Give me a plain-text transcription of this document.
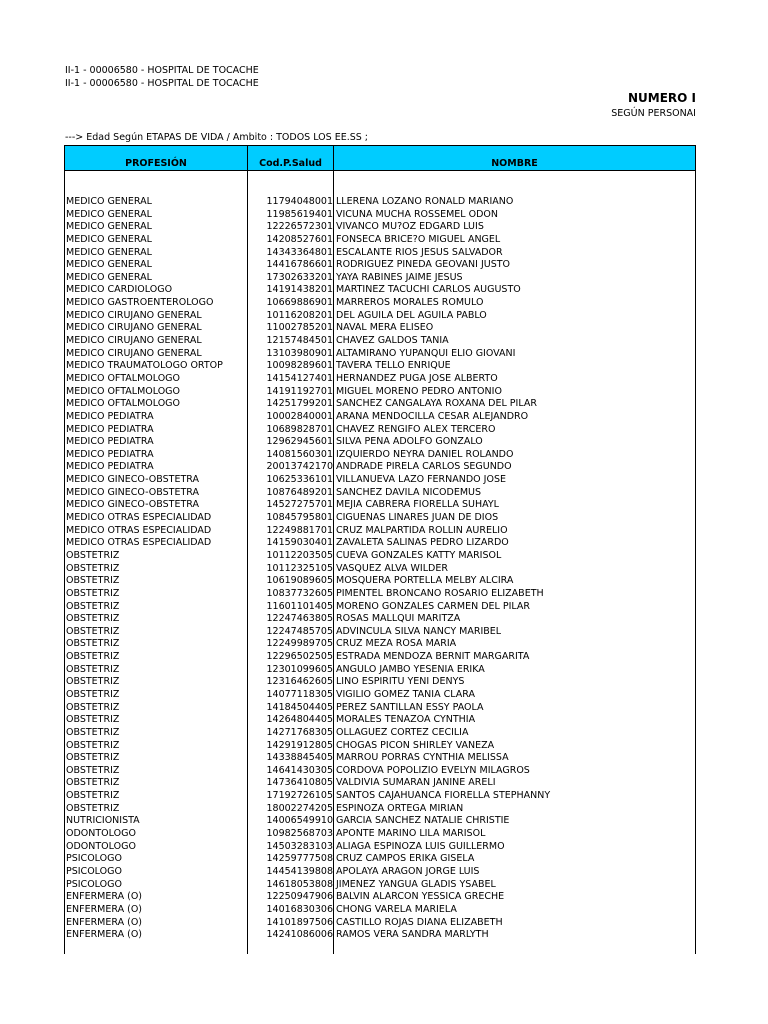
II-1 - 00006580 - HOSPITAL DE TOCACHE
II-1 - 00006580 - HOSPITAL DE TOCACHE
NUMERO I
SEGÚN PERSONAI
---> Edad Según ETAPAS DE VIDA / Ambito : TODOS LOS EE.SS ;
PROFESIÓN	Cod.P.Salud	NOMBRE
MEDICO GENERAL	11794048001 LLERENA LOZANO RONALD MARIANO
MEDICO GENERAL	11985619401 VICUÑA MUCHA ROSSEMEL ODON
MEDICO GENERAL	12226572301 VIVANCO MU?OZ EDGARD LUIS
MEDICO GENERAL	14208527601 FONSECA BRICE?O MIGUEL ANGEL
MEDICO GENERAL	14343364801 ESCALANTE RIOS JESUS SALVADOR
MEDICO GENERAL	14416786601 RODRIGUEZ PINEDA GEOVANI JUSTO
MEDICO GENERAL	17302633201 YAYA RABINES JAIME JESUS
MEDICO CARDIOLOGO	14191438201 MARTINEZ TACUCHI CARLOS AUGUSTO
MEDICO GASTROENTEROLOGO	10669886901 MARREROS MORALES ROMULO
MEDICO CIRUJANO GENERAL	10116208201 DEL AGUILA DEL AGUILA PABLO
MEDICO CIRUJANO GENERAL	11002785201 NAVAL MERA ELISEO
MEDICO CIRUJANO GENERAL	12157484501 CHAVEZ GALDOS TANIA
MEDICO CIRUJANO GENERAL	13103980901 ALTAMIRANO YUPANQUI ELIO GIOVANI
MEDICO TRAUMATOLOGO ORTOP	10098289601 TAVERA TELLO ENRIQUE
MEDICO OFTALMOLOGO	14154127401 HERNANDEZ PUGA JOSE ALBERTO
MEDICO OFTALMOLOGO	14191192701 MIGUEL MORENO PEDRO ANTONIO
MEDICO OFTALMOLOGO	14251799201 SANCHEZ CANGALAYA ROXANA DEL PILAR
MEDICO PEDIATRA	10002840001 ARANA MENDOCILLA CESAR ALEJANDRO
MEDICO PEDIATRA	10689828701 CHAVEZ RENGIFO ALEX TERCERO
MEDICO PEDIATRA	12962945601 SILVA PEÑA ADOLFO GONZALO
MEDICO PEDIATRA	14081560301 IZQUIERDO NEYRA DANIEL ROLANDO
MEDICO PEDIATRA	20013742170 ANDRADE PIRELA CARLOS SEGUNDO
MEDICO GINECO-OBSTETRA	10625336101 VILLANUEVA LAZO FERNANDO JOSE
MEDICO GINECO-OBSTETRA	10876489201 SANCHEZ DAVILA NICODEMUS
MEDICO GINECO-OBSTETRA	14527275701 MEJIA CABRERA FIORELLA SUHAYL
MEDICO OTRAS ESPECIALIDAD	10845795801 CIGUEÑAS LINARES JUAN DE DIOS
MEDICO OTRAS ESPECIALIDAD	12249881701 CRUZ MALPARTIDA ROLLIN AURELIO
MEDICO OTRAS ESPECIALIDAD	14159030401 ZAVALETA SALINAS PEDRO LIZARDO
OBSTETRIZ	10112203505 CUEVA GONZALES KATTY MARISOL
OBSTETRIZ	10112325105 VASQUEZ ALVA WILDER
OBSTETRIZ	10619089605 MOSQUERA PORTELLA MELBY ALCIRA
OBSTETRIZ	10837732605 PIMENTEL BRONCANO ROSARIO ELIZABETH
OBSTETRIZ	11601101405 MORENO GONZALES CARMEN DEL PILAR
OBSTETRIZ	12247463805 ROSAS MALLQUI MARITZA
OBSTETRIZ	12247485705 ADVINCULA SILVA NANCY MARIBEL
OBSTETRIZ	12249989705 CRUZ MEZA ROSA MARIA
OBSTETRIZ	12296502505 ESTRADA MENDOZA BERNIT MARGARITA
OBSTETRIZ	12301099605 ANGULO JAMBO YESENIA ERIKA
OBSTETRIZ	12316462605 LINO ESPIRITU YENI DENYS
OBSTETRIZ	14077118305 VIGILIO GOMEZ TANIA CLARA
OBSTETRIZ	14184504405 PEREZ SANTILLAN ESSY PAOLA
OBSTETRIZ	14264804405 MORALES TENAZOA CYNTHIA
OBSTETRIZ	14271768305 OLLAGUEZ CORTEZ CECILIA
OBSTETRIZ	14291912805 CHOGAS PICON SHIRLEY VANEZA
OBSTETRIZ	14338845405 MARROU PORRAS CYNTHIA MELISSA
OBSTETRIZ	14641430305 CORDOVA POPOLIZIO EVELYN MILAGROS
OBSTETRIZ	14736410805 VALDIVIA SUMARAN JANINE ARELI
OBSTETRIZ	17192726105 SANTOS CAJAHUANCA FIORELLA STEPHANNY
OBSTETRIZ	18002274205 ESPINOZA ORTEGA MIRIAN
NUTRICIONISTA	14006549910 GARCIA SANCHEZ NATALIE CHRISTIE
ODONTOLOGO	10982568703 APONTE MARIÑO LILA MARISOL
ODONTOLOGO	14503283103 ALIAGA ESPINOZA LUIS GUILLERMO
PSICOLOGO	14259777508 CRUZ CAMPOS ERIKA GISELA
PSICOLOGO	14454139808 APOLAYA ARAGON JORGE LUIS
PSICOLOGO	14618053808 JIMENEZ YANGUA GLADIS YSABEL
ENFERMERA (O)	12250947906 BALVIN ALARCON YESSICA GRECHE
ENFERMERA (O)	14016830306 CHONG VARELA MARIELA
ENFERMERA (O)	14101897506 CASTILLO ROJAS DIANA ELIZABETH
ENFERMERA (O)	14241086006 RAMOS VERA SANDRA MARLYTH
